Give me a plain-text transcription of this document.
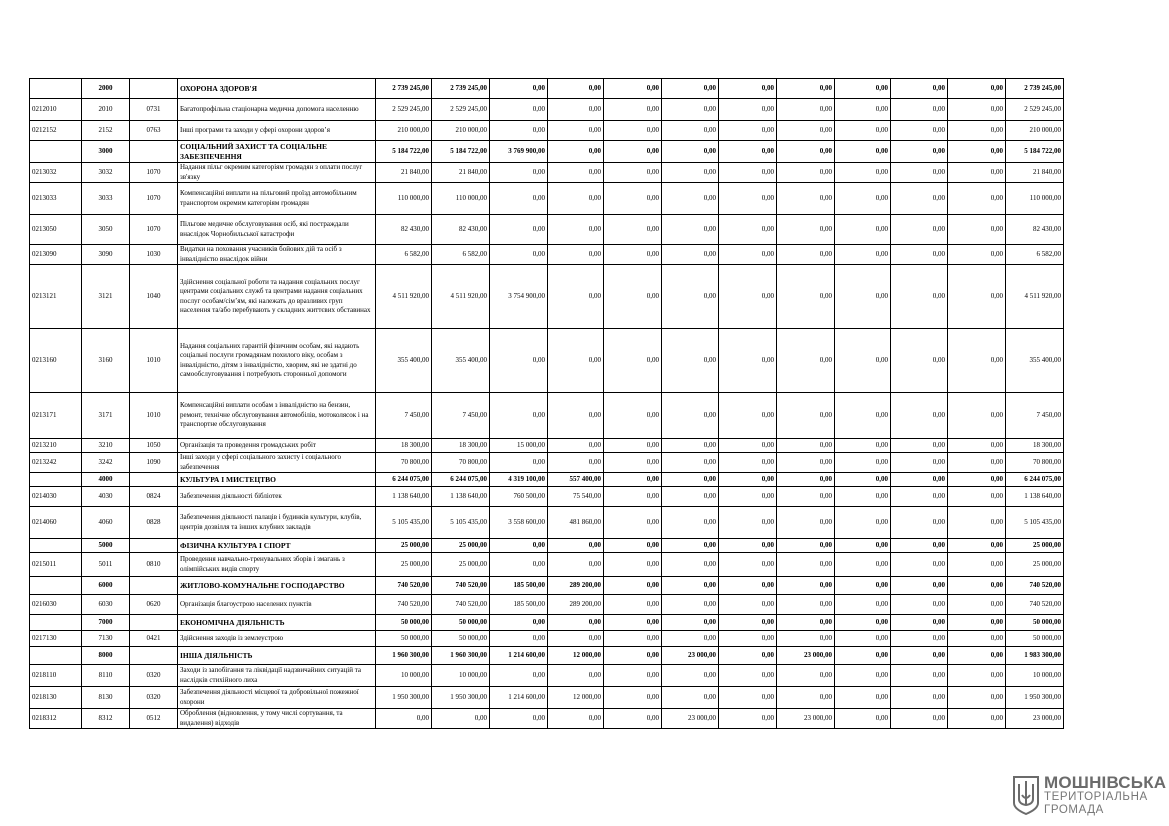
	2000		ОХОРОНА ЗДОРОВ'Я	2 739 245,00	2 739 245,00	0,00	0,00	0,00	0,00	0,00	0,00	0,00	0,00	0,00	2 739 245,00
0212010	2010	0731	Багатопрофільна стаціонарна медична допомога населенню	2 529 245,00	2 529 245,00	0,00	0,00	0,00	0,00	0,00	0,00	0,00	0,00	0,00	2 529 245,00
0212152	2152	0763	Інші програми та заходи у сфері охорони здоров’я	210 000,00	210 000,00	0,00	0,00	0,00	0,00	0,00	0,00	0,00	0,00	0,00	210 000,00
	3000		СОЦІАЛЬНИЙ ЗАХИСТ ТА СОЦІАЛЬНЕ ЗАБЕЗПЕЧЕННЯ	5 184 722,00	5 184 722,00	3 769 900,00	0,00	0,00	0,00	0,00	0,00	0,00	0,00	0,00	5 184 722,00
0213032	3032	1070	Надання пільг окремим категоріям громадян з оплати послуг зв'язку	21 840,00	21 840,00	0,00	0,00	0,00	0,00	0,00	0,00	0,00	0,00	0,00	21 840,00
0213033	3033	1070	Компенсаційні виплати на пільговий проїзд автомобільним транспортом окремим категоріям громадян	110 000,00	110 000,00	0,00	0,00	0,00	0,00	0,00	0,00	0,00	0,00	0,00	110 000,00
0213050	3050	1070	Пільгове медичне обслуговування осіб, які постраждали внаслідок Чорнобильської катастрофи	82 430,00	82 430,00	0,00	0,00	0,00	0,00	0,00	0,00	0,00	0,00	0,00	82 430,00
0213090	3090	1030	Видатки на поховання учасників бойових дій та осіб з інвалідністю внаслідок війни	6 582,00	6 582,00	0,00	0,00	0,00	0,00	0,00	0,00	0,00	0,00	0,00	6 582,00
0213121	3121	1040	Здійснення соціальної роботи та надання соціальних послуг центрами соціальних служб та центрами надання соціальних послуг особам/сім’ям, які належать до вразливих груп населення та/або перебувають у складних життєвих обставинах	4 511 920,00	4 511 920,00	3 754 900,00	0,00	0,00	0,00	0,00	0,00	0,00	0,00	0,00	4 511 920,00
0213160	3160	1010	Надання соціальних гарантій фізичним особам, які надають соціальні послуги громадянам похилого віку, особам з інвалідністю, дітям з інвалідністю, хворим, які не здатні до самообслуговування і потребують сторонньої допомоги	355 400,00	355 400,00	0,00	0,00	0,00	0,00	0,00	0,00	0,00	0,00	0,00	355 400,00
0213171	3171	1010	Компенсаційні виплати особам з інвалідністю на бензин, ремонт, технічне обслуговування автомобілів, мотоколясок і на транспортне обслуговування	7 450,00	7 450,00	0,00	0,00	0,00	0,00	0,00	0,00	0,00	0,00	0,00	7 450,00
0213210	3210	1050	Організація та проведення громадських робіт	18 300,00	18 300,00	15 000,00	0,00	0,00	0,00	0,00	0,00	0,00	0,00	0,00	18 300,00
0213242	3242	1090	Інші заходи у сфері соціального захисту і соціального забезпечення	70 800,00	70 800,00	0,00	0,00	0,00	0,00	0,00	0,00	0,00	0,00	0,00	70 800,00
	4000		КУЛЬТУРА І МИСТЕЦТВО	6 244 075,00	6 244 075,00	4 319 100,00	557 400,00	0,00	0,00	0,00	0,00	0,00	0,00	0,00	6 244 075,00
0214030	4030	0824	Забезпечення діяльності бібліотек	1 138 640,00	1 138 640,00	760 500,00	75 540,00	0,00	0,00	0,00	0,00	0,00	0,00	0,00	1 138 640,00
0214060	4060	0828	Забезпечення діяльності палаців і будинків культури, клубів, центрів дозвілля та інших клубних закладів	5 105 435,00	5 105 435,00	3 558 600,00	481 860,00	0,00	0,00	0,00	0,00	0,00	0,00	0,00	5 105 435,00
	5000		ФІЗИЧНА КУЛЬТУРА І СПОРТ	25 000,00	25 000,00	0,00	0,00	0,00	0,00	0,00	0,00	0,00	0,00	0,00	25 000,00
0215011	5011	0810	Проведення навчально-тренувальних зборів і змагань з олімпійських видів спорту	25 000,00	25 000,00	0,00	0,00	0,00	0,00	0,00	0,00	0,00	0,00	0,00	25 000,00
	6000		ЖИТЛОВО-КОМУНАЛЬНЕ ГОСПОДАРСТВО	740 520,00	740 520,00	185 500,00	289 200,00	0,00	0,00	0,00	0,00	0,00	0,00	0,00	740 520,00
0216030	6030	0620	Організація благоустрою населених пунктів	740 520,00	740 520,00	185 500,00	289 200,00	0,00	0,00	0,00	0,00	0,00	0,00	0,00	740 520,00
	7000		ЕКОНОМІЧНА ДІЯЛЬНІСТЬ	50 000,00	50 000,00	0,00	0,00	0,00	0,00	0,00	0,00	0,00	0,00	0,00	50 000,00
0217130	7130	0421	Здійснення заходів із землеустрою	50 000,00	50 000,00	0,00	0,00	0,00	0,00	0,00	0,00	0,00	0,00	0,00	50 000,00
	8000		ІНША ДІЯЛЬНІСТЬ	1 960 300,00	1 960 300,00	1 214 600,00	12 000,00	0,00	23 000,00	0,00	23 000,00	0,00	0,00	0,00	1 983 300,00
0218110	8110	0320	Заходи із запобігання та ліквідації надзвичайних ситуацій та наслідків стихійного лиха	10 000,00	10 000,00	0,00	0,00	0,00	0,00	0,00	0,00	0,00	0,00	0,00	10 000,00
0218130	8130	0320	Забезпечення діяльності місцевої та добровільної пожежної охорони	1 950 300,00	1 950 300,00	1 214 600,00	12 000,00	0,00	0,00	0,00	0,00	0,00	0,00	0,00	1 950 300,00
0218312	8312	0512	Оброблення (відновлення, у тому числі сортування, та видалення) відходів	0,00	0,00	0,00	0,00	0,00	23 000,00	0,00	23 000,00	0,00	0,00	0,00	23 000,00
МОШНІВСЬКА
ТЕРИТОРІАЛЬНА
ГРОМАДА
